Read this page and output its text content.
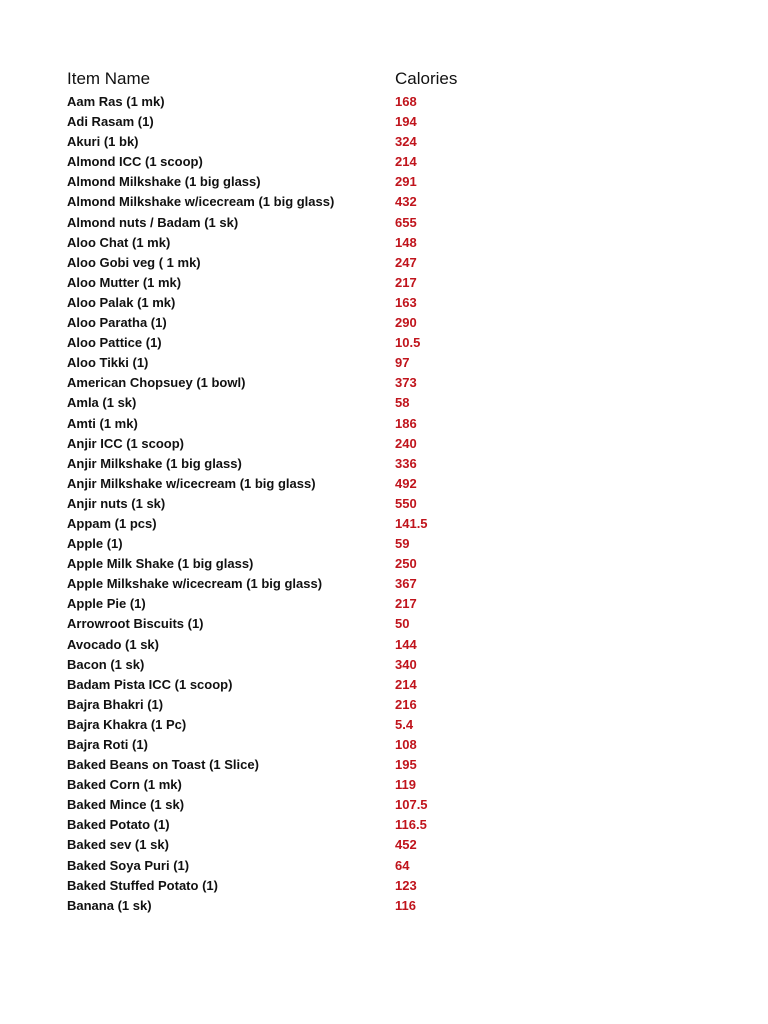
Item Name	Calories
Aam Ras (1 mk)	168
Adi Rasam (1)	194
Akuri (1 bk)	324
Almond ICC (1 scoop)	214
Almond Milkshake (1 big glass)	291
Almond Milkshake w/icecream (1 big glass)	432
Almond nuts / Badam (1 sk)	655
Aloo Chat (1 mk)	148
Aloo Gobi veg ( 1 mk)	247
Aloo Mutter (1 mk)	217
Aloo Palak (1 mk)	163
Aloo Paratha (1)	290
Aloo Pattice (1)	10.5
Aloo Tikki (1)	97
American Chopsuey (1 bowl)	373
Amla (1 sk)	58
Amti (1 mk)	186
Anjir ICC (1 scoop)	240
Anjir Milkshake (1 big glass)	336
Anjir Milkshake w/icecream (1 big glass)	492
Anjir nuts (1 sk)	550
Appam (1 pcs)	141.5
Apple (1)	59
Apple Milk Shake (1 big glass)	250
Apple Milkshake w/icecream (1 big glass)	367
Apple Pie (1)	217
Arrowroot Biscuits (1)	50
Avocado (1 sk)	144
Bacon (1 sk)	340
Badam Pista ICC (1 scoop)	214
Bajra Bhakri (1)	216
Bajra Khakra (1 Pc)	5.4
Bajra Roti (1)	108
Baked Beans on Toast (1 Slice)	195
Baked Corn (1 mk)	119
Baked Mince (1 sk)	107.5
Baked Potato (1)	116.5
Baked sev (1 sk)	452
Baked Soya Puri (1)	64
Baked Stuffed Potato (1)	123
Banana (1 sk)	116
